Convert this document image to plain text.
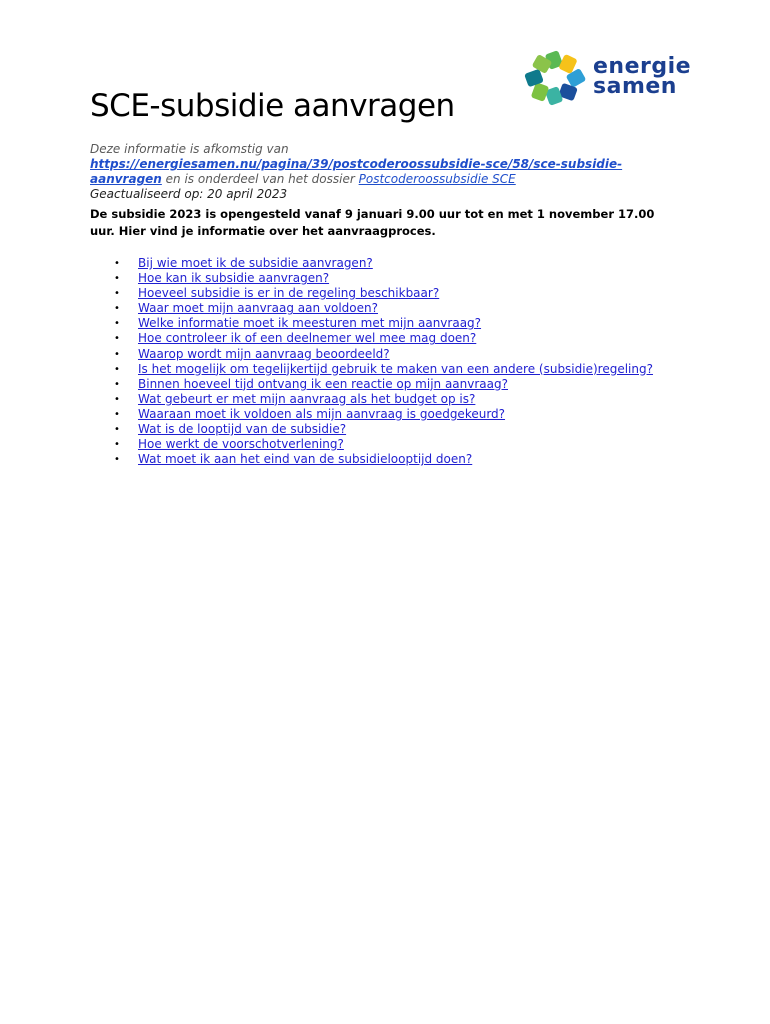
energie
samen
SCE-subsidie aanvragen
Deze informatie is afkomstig van https://energiesamen.nu/pagina/39/postcoderoossubsidie-sce/58/sce-subsidie-aanvragen en is onderdeel van het dossier Postcoderoossubsidie SCE
Geactualiseerd op: 20 april 2023
De subsidie 2023 is opengesteld vanaf 9 januari 9.00 uur tot en met 1 november 17.00 uur. Hier vind je informatie over het aanvraagproces.
• Bij wie moet ik de subsidie aanvragen?
• Hoe kan ik subsidie aanvragen?
• Hoeveel subsidie is er in de regeling beschikbaar?
• Waar moet mijn aanvraag aan voldoen?
• Welke informatie moet ik meesturen met mijn aanvraag?
• Hoe controleer ik of een deelnemer wel mee mag doen?
• Waarop wordt mijn aanvraag beoordeeld?
• Is het mogelijk om tegelijkertijd gebruik te maken van een andere (subsidie)regeling?
• Binnen hoeveel tijd ontvang ik een reactie op mijn aanvraag?
• Wat gebeurt er met mijn aanvraag als het budget op is?
• Waaraan moet ik voldoen als mijn aanvraag is goedgekeurd?
• Wat is de looptijd van de subsidie?
• Hoe werkt de voorschotverlening?
• Wat moet ik aan het eind van de subsidielooptijd doen?
